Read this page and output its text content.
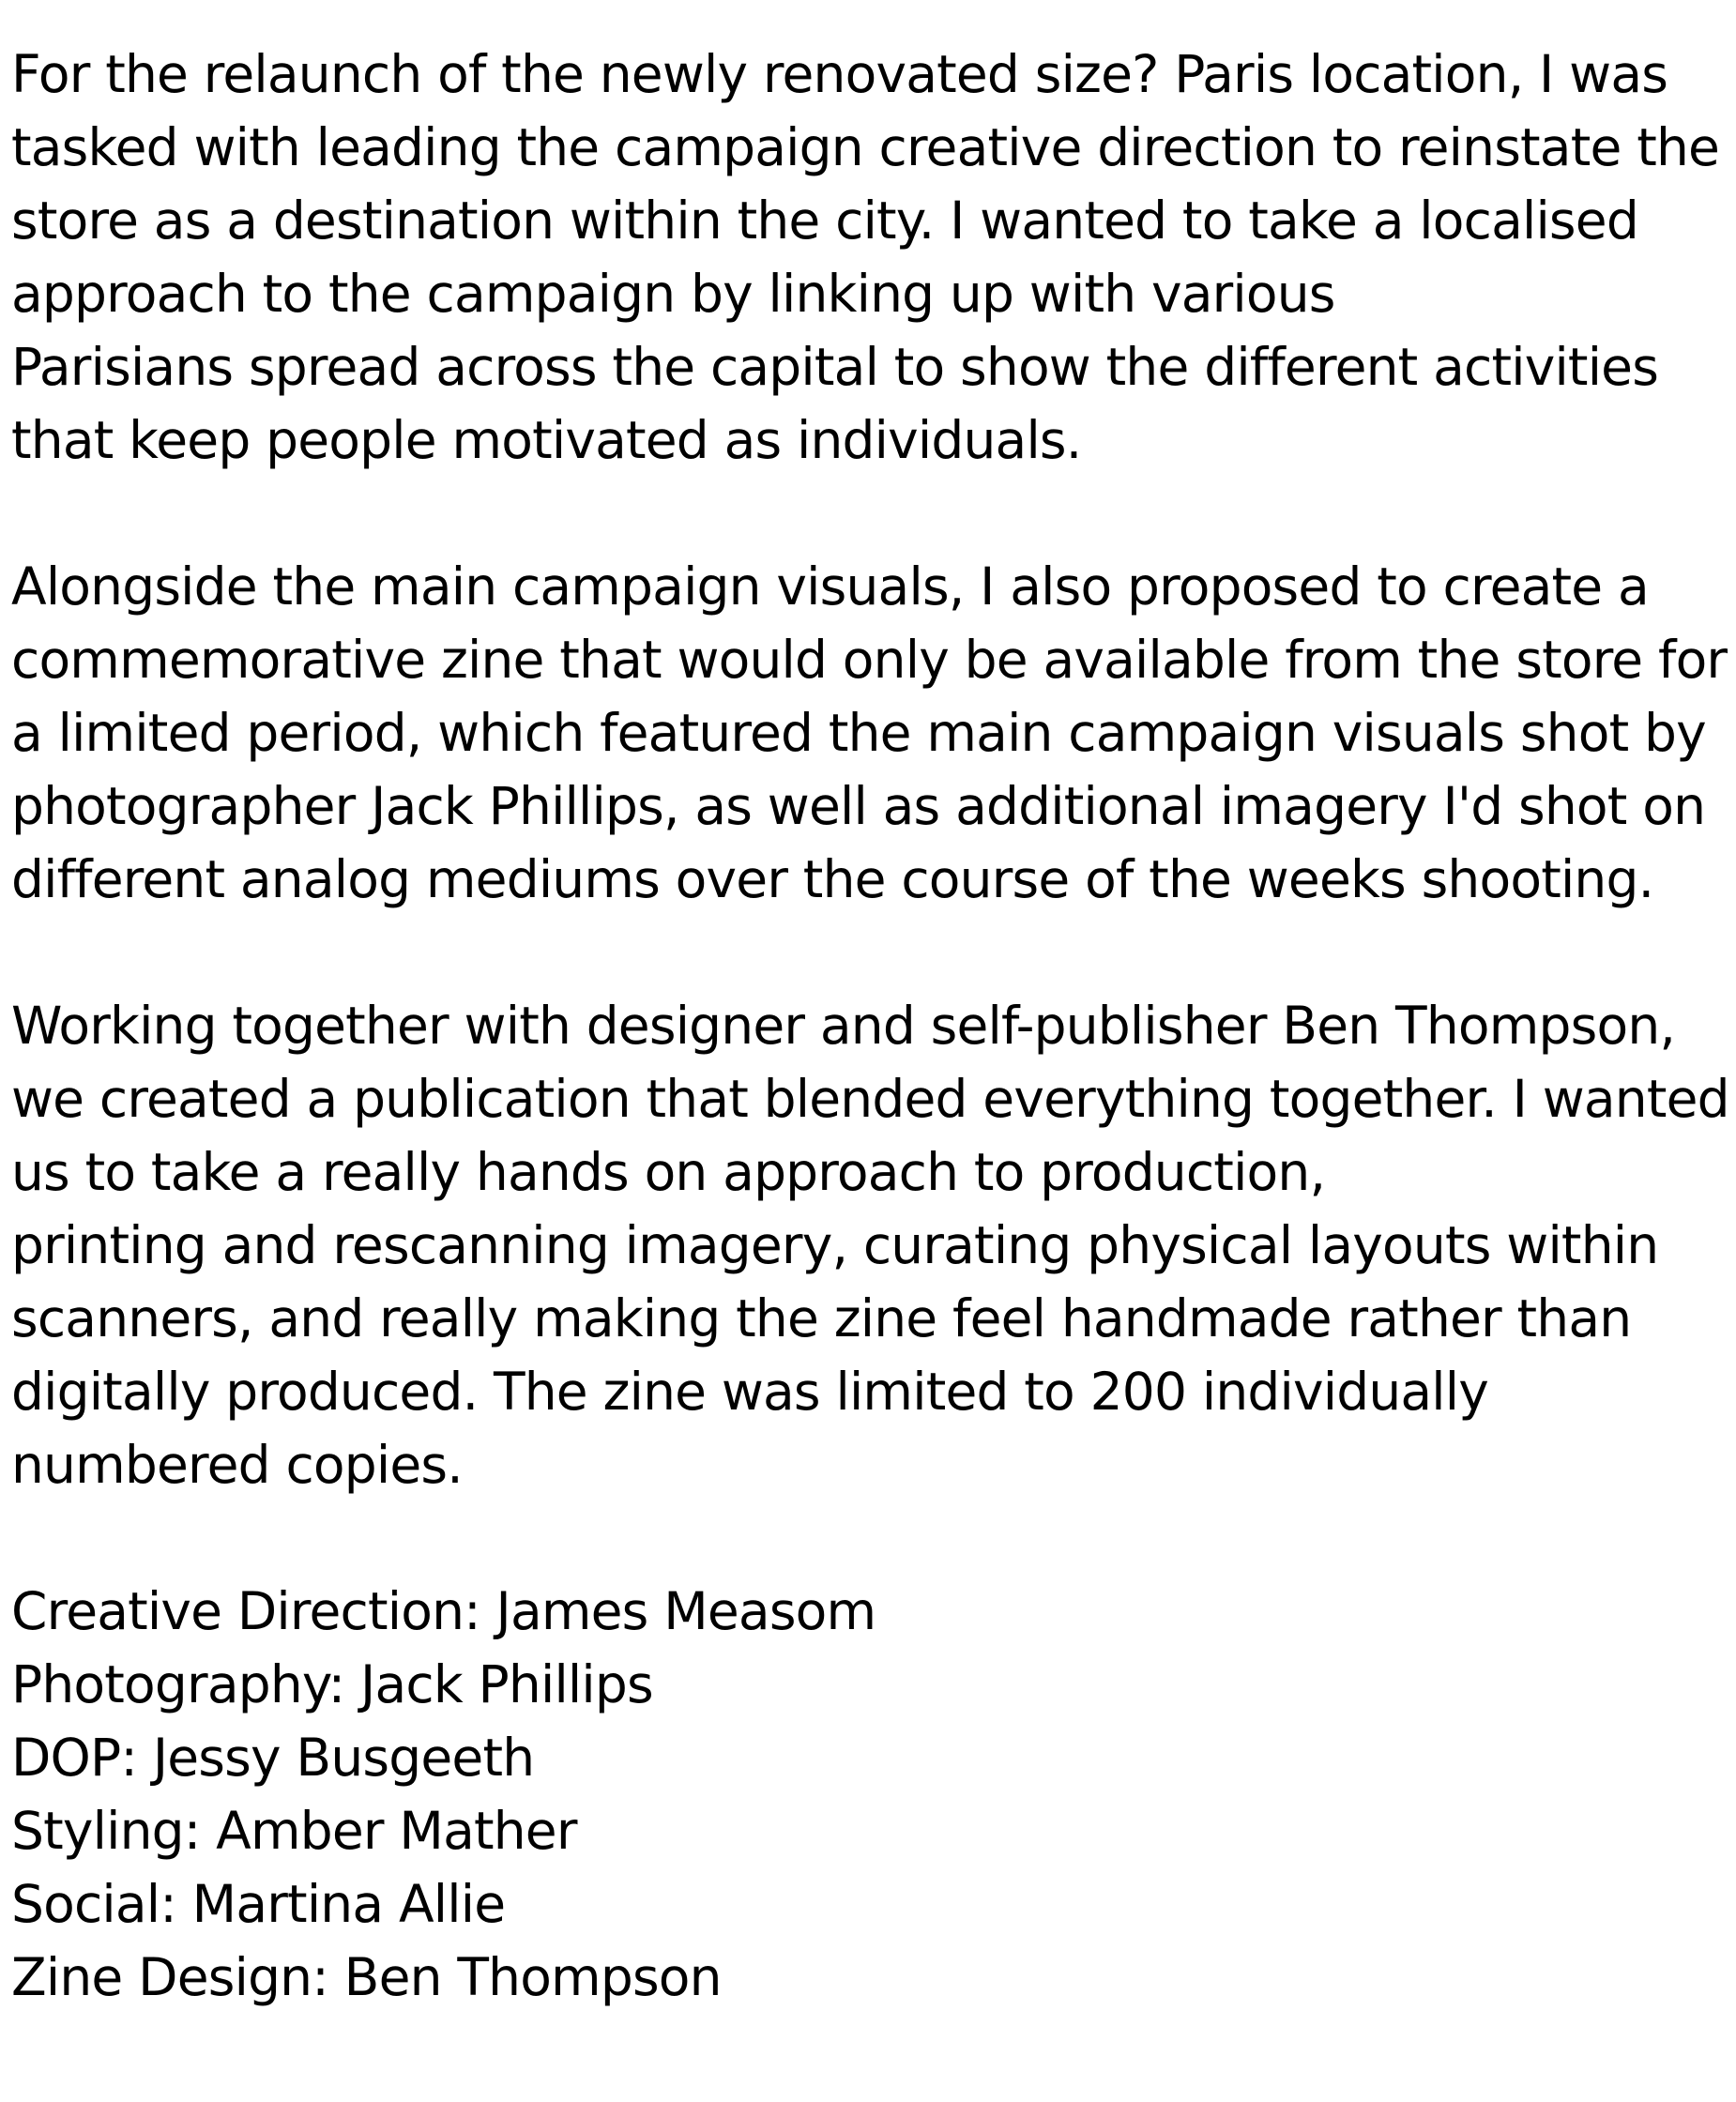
For the relaunch of the newly renovated size? Paris location, I was
tasked with leading the campaign creative direction to reinstate the
store as a destination within the city. I wanted to take a localised
approach to the campaign by linking up with various
Parisians spread across the capital to show the different activities
that keep people motivated as individuals.
Alongside the main campaign visuals, I also proposed to create a
commemorative zine that would only be available from the store for
a limited period, which featured the main campaign visuals shot by
photographer Jack Phillips, as well as additional imagery I'd shot on
different analog mediums over the course of the weeks shooting.
Working together with designer and self-publisher Ben Thompson,
we created a publication that blended everything together. I wanted
us to take a really hands on approach to production,
printing and rescanning imagery, curating physical layouts within
scanners, and really making the zine feel handmade rather than
digitally produced. The zine was limited to 200 individually
numbered copies.
Creative Direction: James Measom
Photography: Jack Phillips
DOP: Jessy Busgeeth
Styling: Amber Mather
Social: Martina Allie
Zine Design: Ben Thompson
